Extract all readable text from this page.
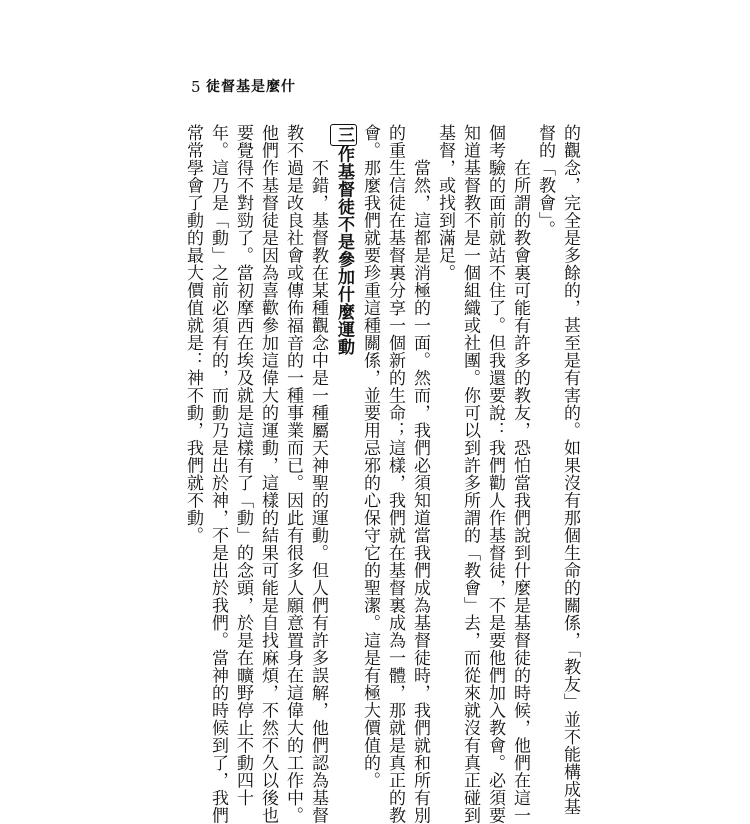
5 徒督基是麼什
的觀念，完全是多餘的，甚至是有害的。如果沒有那個生命的關係，「教友」並不能構成基
督的「教會」。
在所謂的教會裏可能有許多的教友，恐怕當我們說到什麼是基督徒的時候，他們在這一
個考驗的面前就站不住了。但我還要說：我們勸人作基督徒，不是要他們加入教會。必須要
知道基督教不是一個組織或社團。你可以到許多所謂的「教會」去，而從來就沒有真正碰到
基督，或找到滿足。
當然，這都是消極的一面。然而，我們必須知道當我們成為基督徒時，我們就和所有別
的重生信徒在基督裏分享一個新的生命；這樣，我們就在基督裏成為一體，那就是真正的教
會。那麼我們就要珍重這種關係，並要用忌邪的心保守它的聖潔。這是有極大價值的。
三作基督徒不是參加什麼運動
不錯，基督教在某種觀念中是一種屬天神聖的運動。但人們有許多誤解，他們認為基督
教不過是改良社會或傳佈福音的一種事業而已。因此有很多人願意置身在這偉大的工作中。
他們作基督徒是因為喜歡參加這偉大的運動，這樣的結果可能是自找麻煩，不然不久以後也
要覺得不對勁了。當初摩西在埃及就是這樣有了「動」的念頭，於是在曠野停止不動四十
年。這乃是「動」之前必須有的，而動乃是出於神，不是出於我們。當神的時候到了，我們
常常學會了動的最大價值就是：神不動，我們就不動。
